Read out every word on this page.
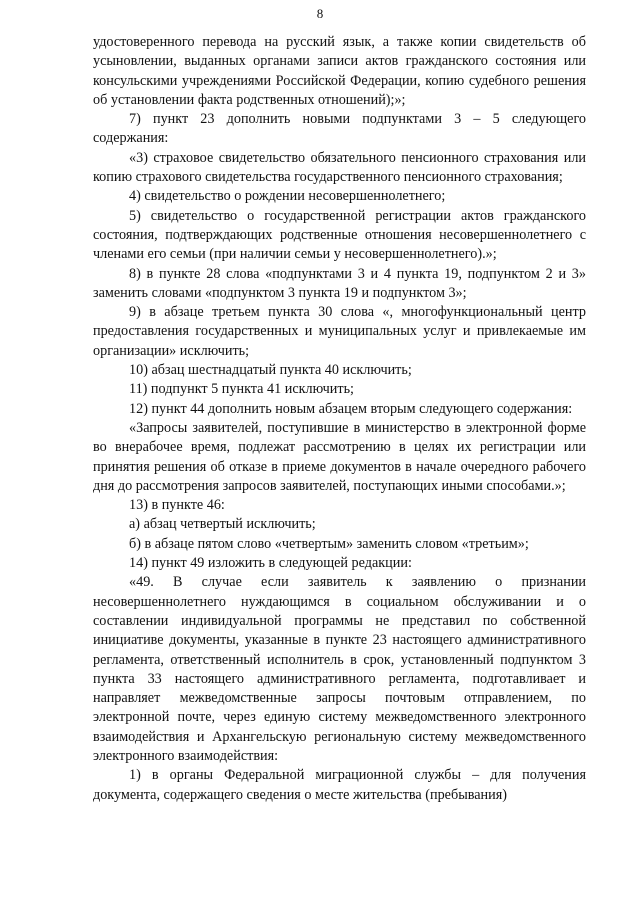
8

удостоверенного перевода на русский язык, а также копии свидетельств об усыновлении, выданных органами записи актов гражданского состояния или консульскими учреждениями Российской Федерации, копию судебного решения об установлении факта родственных отношений);»;

7) пункт 23 дополнить новыми подпунктами 3 – 5 следующего содержания:

«3) страховое свидетельство обязательного пенсионного страхования или копию страхового свидетельства государственного пенсионного страхования;

4) свидетельство о рождении несовершеннолетнего;

5) свидетельство о государственной регистрации актов гражданского состояния, подтверждающих родственные отношения несовершеннолетнего с членами его семьи (при наличии семьи у несовершеннолетнего).»;

8) в пункте 28 слова «подпунктами 3 и 4 пункта 19, подпунктом 2 и 3» заменить словами «подпунктом 3 пункта 19 и подпунктом 3»;

9) в абзаце третьем пункта 30 слова «, многофункциональный центр предоставления государственных и муниципальных услуг и привлекаемые им организации» исключить;

10) абзац шестнадцатый пункта 40 исключить;

11) подпункт 5 пункта 41 исключить;

12) пункт 44 дополнить новым абзацем вторым следующего содержания:

«Запросы заявителей, поступившие в министерство в электронной форме во внерабочее время, подлежат рассмотрению в целях их регистрации или принятия решения об отказе в приеме документов в начале очередного рабочего дня до рассмотрения запросов заявителей, поступающих иными способами.»;

13) в пункте 46:

а) абзац четвертый исключить;

б) в абзаце пятом слово «четвертым» заменить словом «третьим»;

14) пункт 49 изложить в следующей редакции:

«49. В случае если заявитель к заявлению о признании несовершеннолетнего нуждающимся в социальном обслуживании и о составлении индивидуальной программы не представил по собственной инициативе документы, указанные в пункте 23 настоящего административного регламента, ответственный исполнитель в срок, установленный подпунктом 3 пункта 33 настоящего административного регламента, подготавливает и направляет межведомственные запросы почтовым отправлением, по электронной почте, через единую систему межведомственного электронного взаимодействия и Архангельскую региональную систему межведомственного электронного взаимодействия:

1) в органы Федеральной миграционной службы – для получения документа, содержащего сведения о месте жительства (пребывания)
